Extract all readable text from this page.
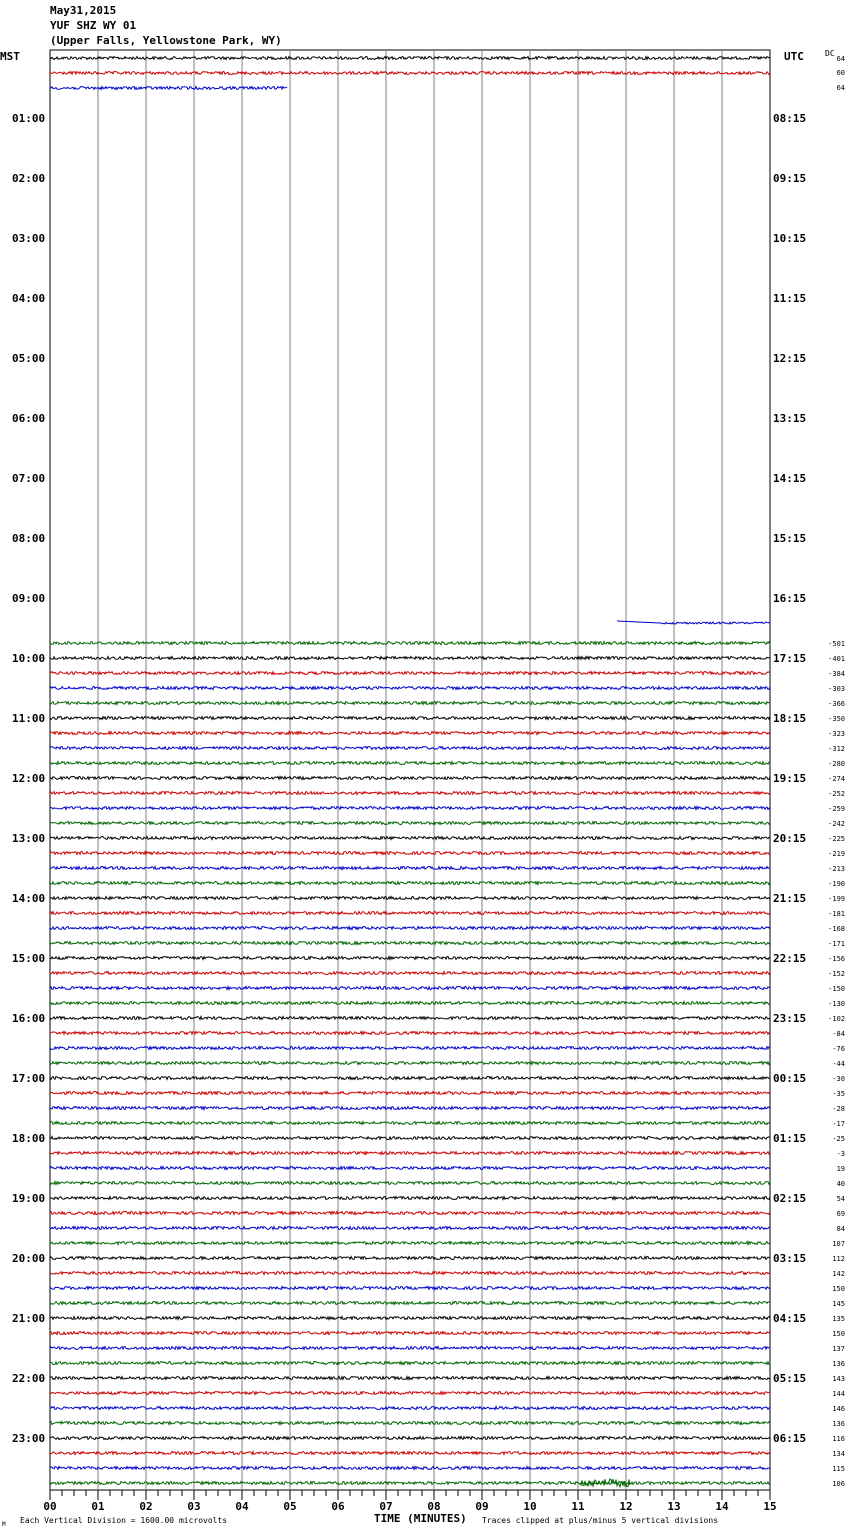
May31,2015
YUF SHZ WY 01
(Upper Falls, Yellowstone Park, WY)
MST	UTC	DC
00	01	02	03	04	05	06	07	08	09	10	11	12	13	14	15
01:00
02:00
03:00
04:00
05:00
06:00
07:00
08:00
09:00
10:00
11:00
12:00
13:00
14:00
15:00
16:00
17:00
18:00
19:00
20:00
21:00
22:00
23:00
08:15
09:15
10:15
11:15
12:15
13:15
14:15
15:15
16:15
17:15
18:15
19:15
20:15
21:15
22:15
23:15
00:15
01:15
02:15
03:15
04:15
05:15
06:15
64
60
64
-501
-401
-384
-303
-366
-350
-323
-312
-280
-274
-252
-259
-242
-225
-219
-213
-190
-199
-181
-168
-171
-156
-152
-150
-130
-102
-84
-76
-44
-30
-35
-28
-17
-25
-3
19
40
54
69
84
107
112
142
150
145
135
150
137
136
143
144
146
136
116
134
115
106
M Each Vertical Division = 1600.00 microvolts	TIME (MINUTES) Traces clipped at plus/minus 5 vertical divisions
